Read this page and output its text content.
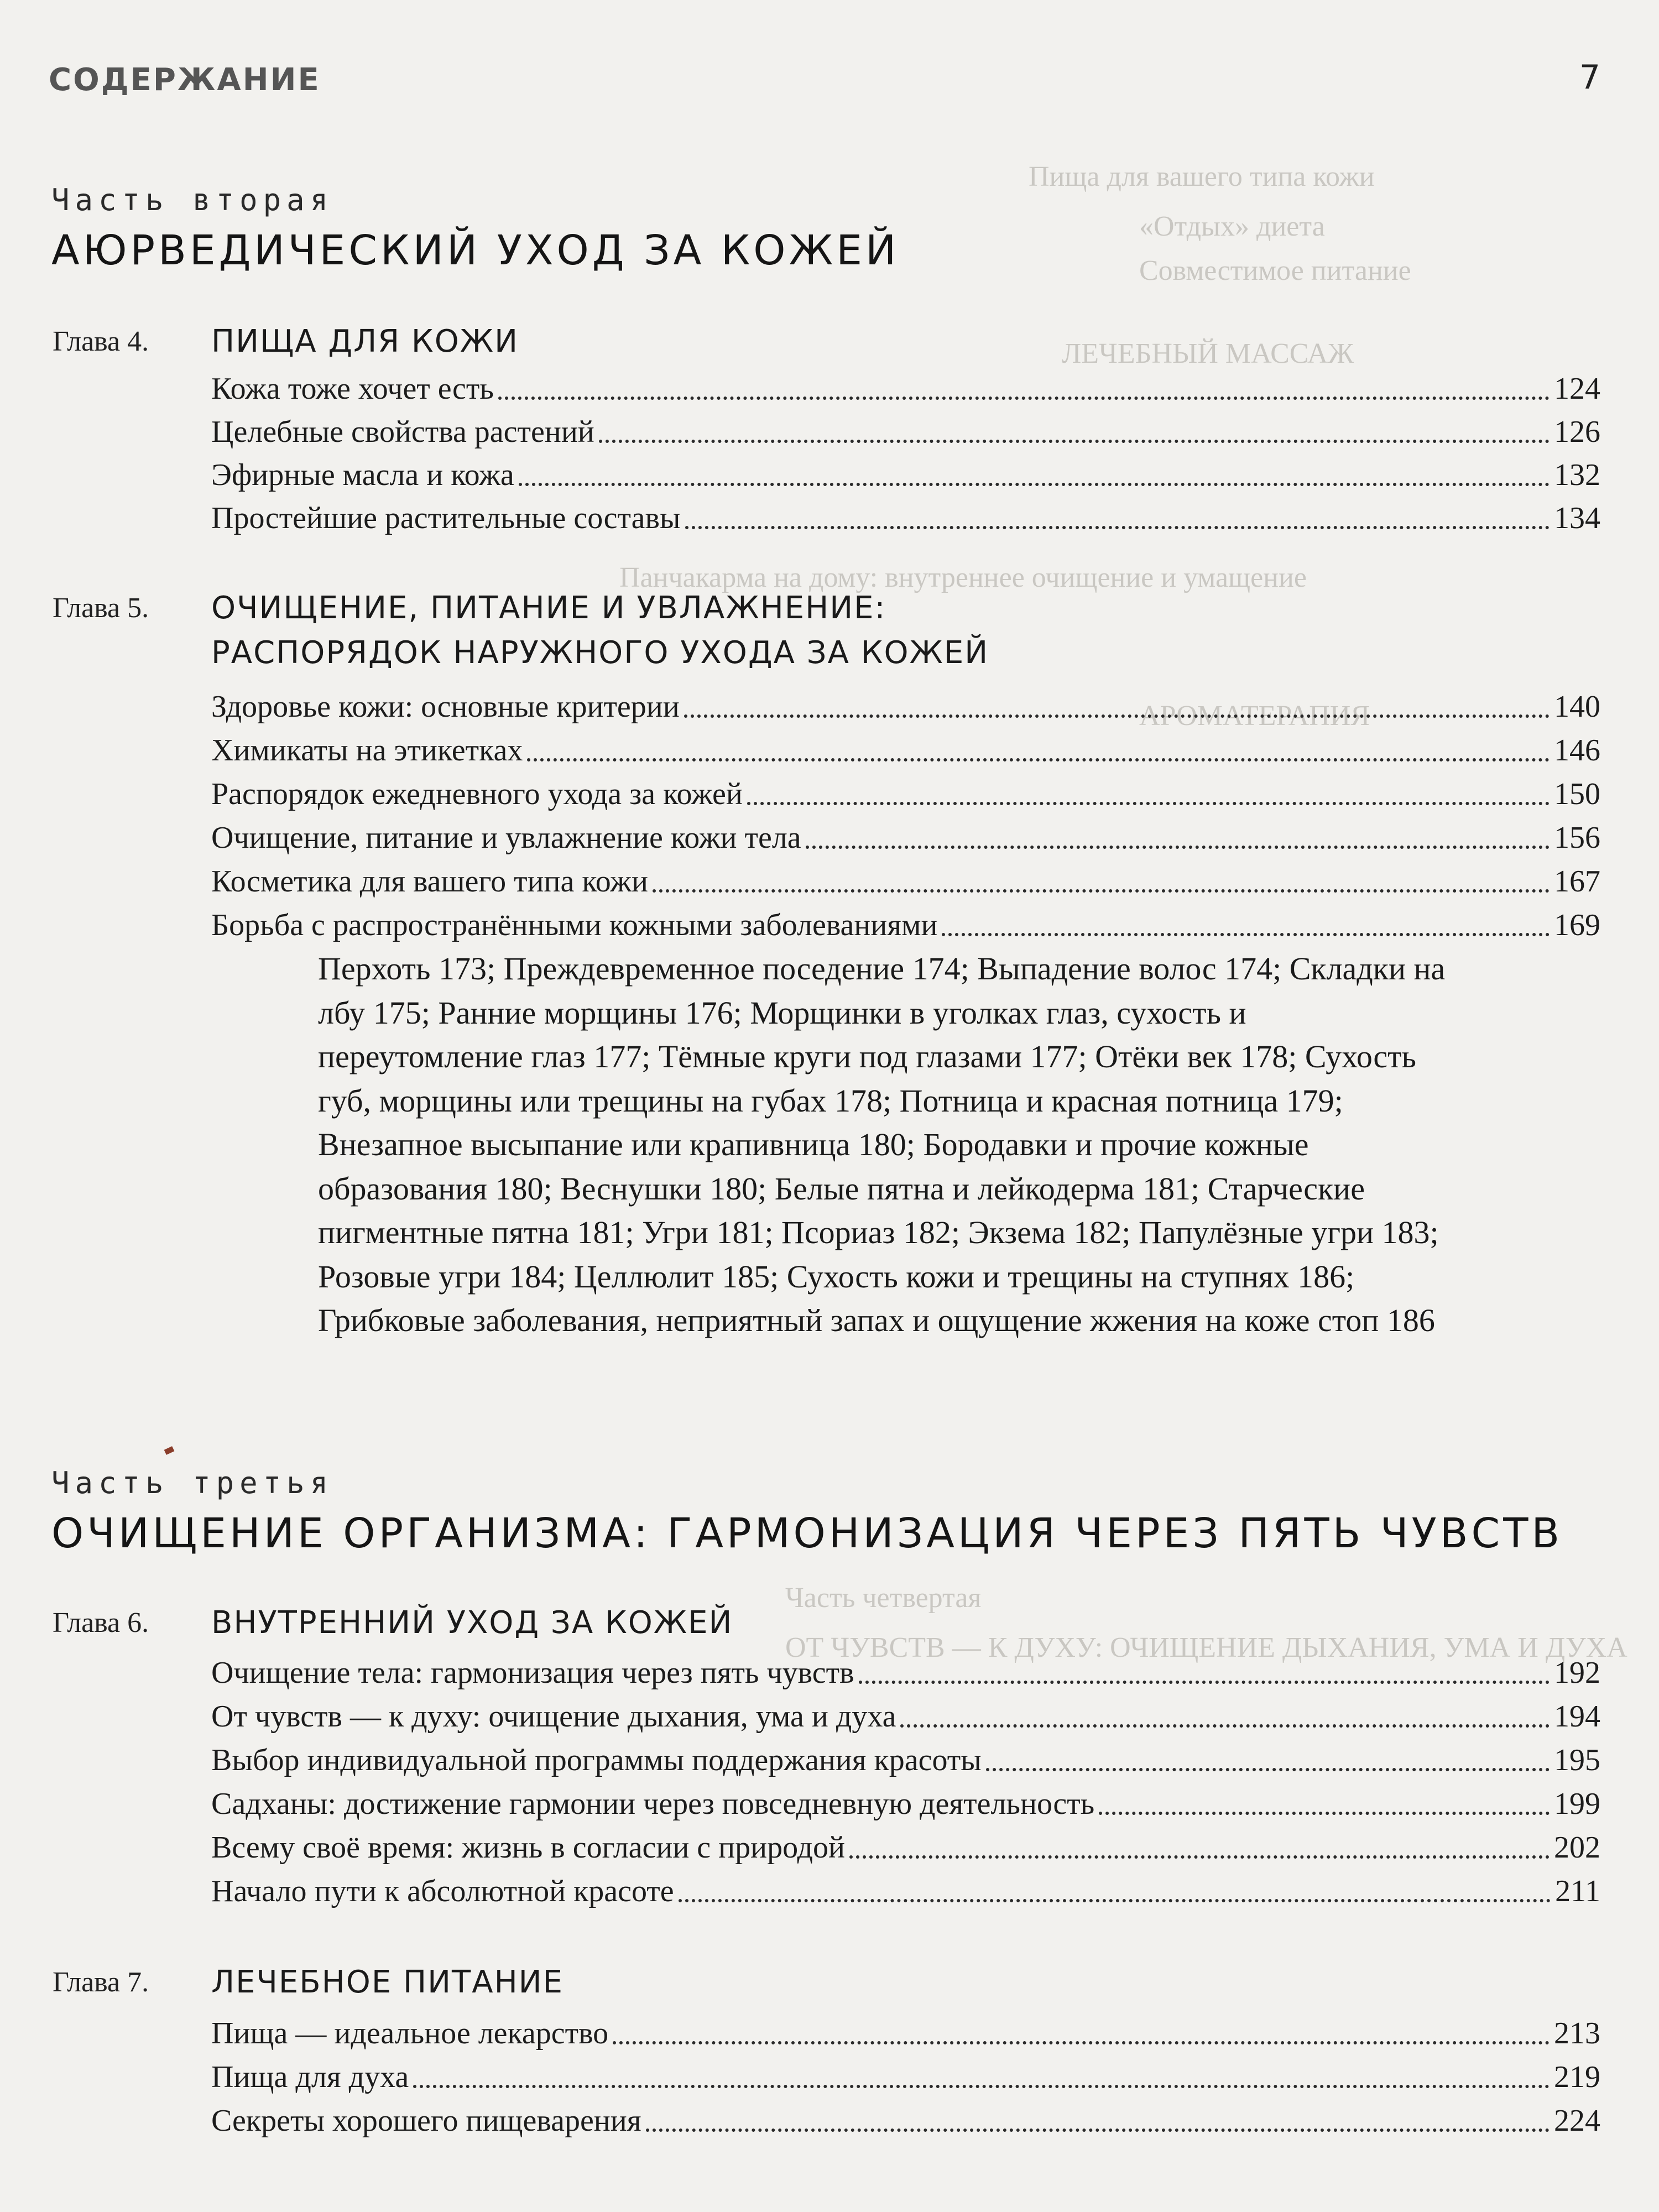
Пища для вашего типа кожи
«Отдых» диета
Совместимое питание
ЛЕЧЕБНЫЙ МАССАЖ
Панчакарма на дому: внутреннее очищение и умащение
АРОМАТЕРАПИЯ
Часть четвертая
ОТ ЧУВСТВ — К ДУХУ: ОЧИЩЕНИЕ ДЫХАНИЯ, УМА И ДУХА
СОДЕРЖАНИЕ	7
Часть вторая
АЮРВЕДИЧЕСКИЙ УХОД ЗА КОЖЕЙ
Глава 4. ПИЩА ДЛЯ КОЖИ
Кожа тоже хочет есть	124
Целебные свойства растений	126
Эфирные масла и кожа	132
Простейшие растительные составы	134
Глава 5. ОЧИЩЕНИЕ, ПИТАНИЕ И УВЛАЖНЕНИЕ:
РАСПОРЯДОК НАРУЖНОГО УХОДА ЗА КОЖЕЙ
Здоровье кожи: основные критерии	140
Химикаты на этикетках	146
Распорядок ежедневного ухода за кожей	150
Очищение, питание и увлажнение кожи тела	156
Косметика для вашего типа кожи	167
Борьба с распространёнными кожными заболеваниями	169
Перхоть 173; Преждевременное поседение 174; Выпадение волос 174; Складки на лбу 175; Ранние морщины 176; Морщинки в уголках глаз, сухость и переутомление глаз 177; Тёмные круги под глазами 177; Отёки век 178; Сухость губ, морщины или трещины на губах 178; Потница и красная потница 179; Внезапное высыпание или крапивница 180; Бородавки и прочие кожные образования 180; Веснушки 180; Белые пятна и лейкодерма 181; Старческие пигментные пятна 181; Угри 181; Псориаз 182; Экзема 182; Папулёзные угри 183; Розовые угри 184; Целлюлит 185; Сухость кожи и трещины на ступнях 186; Грибковые заболевания, неприятный запах и ощущение жжения на коже стоп 186
Часть третья
ОЧИЩЕНИЕ ОРГАНИЗМА: ГАРМОНИЗАЦИЯ ЧЕРЕЗ ПЯТЬ ЧУВСТВ
Глава 6. ВНУТРЕННИЙ УХОД ЗА КОЖЕЙ
Очищение тела: гармонизация через пять чувств	192
От чувств — к духу: очищение дыхания, ума и духа	194
Выбор индивидуальной программы поддержания красоты	195
Садханы: достижение гармонии через повседневную деятельность	199
Всему своё время: жизнь в согласии с природой	202
Начало пути к абсолютной красоте	211
Глава 7. ЛЕЧЕБНОЕ ПИТАНИЕ
Пища — идеальное лекарство	213
Пища для духа	219
Секреты хорошего пищеварения	224
